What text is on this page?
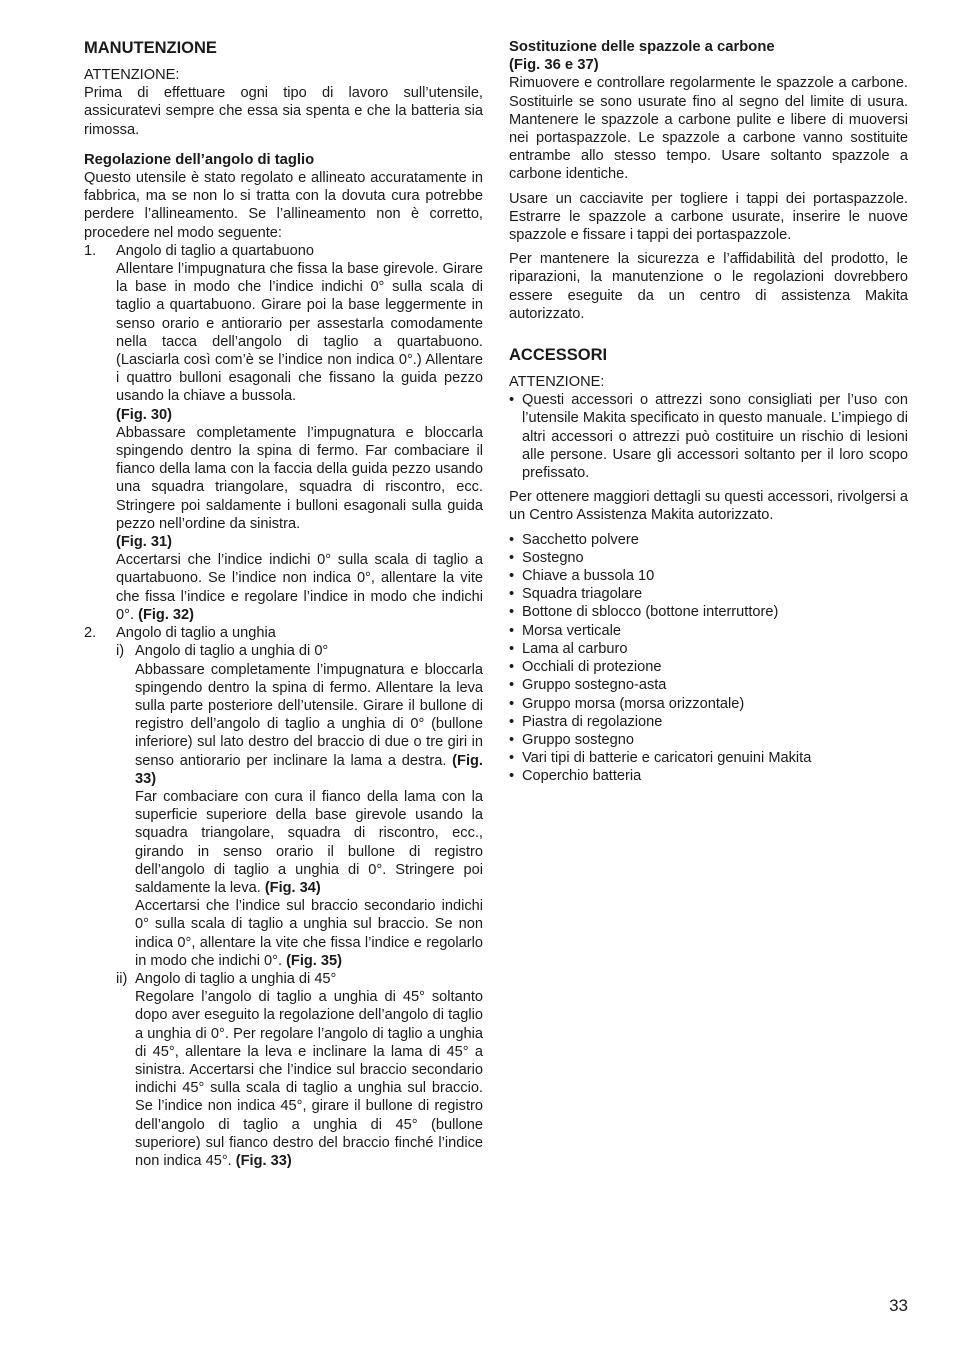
MANUTENZIONE
ATTENZIONE:

Prima di effettuare ogni tipo di lavoro sull’utensile, assicuratevi sempre che essa sia spenta e che la batteria sia rimossa.

Regolazione dell’angolo di taglio

Questo utensile è stato regolato e allineato accuratamente in fabbrica, ma se non lo si tratta con la dovuta cura potrebbe perdere l’allineamento. Se l’allineamento non è corretto, procedere nel modo seguente:

1. Angolo di taglio a quartabuono

Allentare l’impugnatura che fissa la base girevole. Girare la base in modo che l’indice indichi 0° sulla scala di taglio a quartabuono. Girare poi la base leggermente in senso orario e antiorario per assestarla comodamente nella tacca dell’angolo di taglio a quartabuono. (Lasciarla così com’è se l’indice non indica 0°.) Allentare i quattro bulloni esagonali che fissano la guida pezzo usando la chiave a bussola.
(Fig. 30)

Abbassare completamente l’impugnatura e bloccarla spingendo dentro la spina di fermo. Far combaciare il fianco della lama con la faccia della guida pezzo usando una squadra triangolare, squadra di riscontro, ecc. Stringere poi saldamente i bulloni esagonali sulla guida pezzo nell’ordine da sinistra.
(Fig. 31)

Accertarsi che l’indice indichi 0° sulla scala di taglio a quartabuono. Se l’indice non indica 0°, allentare la vite che fissa l’indice e regolare l’indice in modo che indichi 0°. (Fig. 32)

2. Angolo di taglio a unghia
i) Angolo di taglio a unghia di 0°

Abbassare completamente l’impugnatura e bloccarla spingendo dentro la spina di fermo. Allentare la leva sulla parte posteriore dell’utensile. Girare il bullone di registro dell’angolo di taglio a unghia di 0° (bullone inferiore) sul lato destro del braccio di due o tre giri in senso antiorario per inclinare la lama a destra. (Fig. 33)

Far combaciare con cura il fianco della lama con la superficie superiore della base girevole usando la squadra triangolare, squadra di riscontro, ecc., girando in senso orario il bullone di registro dell’angolo di taglio a unghia di 0°. Stringere poi saldamente la leva. (Fig. 34)

Accertarsi che l’indice sul braccio secondario indichi 0° sulla scala di taglio a unghia sul braccio. Se non indica 0°, allentare la vite che fissa l’indice e regolarlo in modo che indichi 0°. (Fig. 35)

ii) Angolo di taglio a unghia di 45°

Regolare l’angolo di taglio a unghia di 45° soltanto dopo aver eseguito la regolazione dell’angolo di taglio a unghia di 0°. Per regolare l’angolo di taglio a unghia di 45°, allentare la leva e inclinare la lama di 45° a sinistra. Accertarsi che l’indice sul braccio secondario indichi 45° sulla scala di taglio a unghia sul braccio. Se l’indice non indica 45°, girare il bullone di registro dell’angolo di taglio a unghia di 45° (bullone superiore) sul fianco destro del braccio finché l’indice non indica 45°. (Fig. 33)

Sostituzione delle spazzole a carbone
(Fig. 36 e 37)

Rimuovere e controllare regolarmente le spazzole a carbone. Sostituirle se sono usurate fino al segno del limite di usura. Mantenere le spazzole a carbone pulite e libere di muoversi nei portaspazzole. Le spazzole a carbone vanno sostituite entrambe allo stesso tempo. Usare soltanto spazzole a carbone identiche.

Usare un cacciavite per togliere i tappi dei portaspazzole. Estrarre le spazzole a carbone usurate, inserire le nuove spazzole e fissare i tappi dei portaspazzole.

Per mantenere la sicurezza e l’affidabilità del prodotto, le riparazioni, la manutenzione o le regolazioni dovrebbero essere eseguite da un centro di assistenza Makita autorizzato.

ACCESSORI
ATTENZIONE:
• Questi accessori o attrezzi sono consigliati per l’uso con l’utensile Makita specificato in questo manuale. L’impiego di altri accessori o attrezzi può costituire un rischio di lesioni alle persone. Usare gli accessori soltanto per il loro scopo prefissato.

Per ottenere maggiori dettagli su questi accessori, rivolgersi a un Centro Assistenza Makita autorizzato.

• Sacchetto polvere
• Sostegno
• Chiave a bussola 10
• Squadra triagolare
• Bottone di sblocco (bottone interruttore)
• Morsa verticale
• Lama al carburo
• Occhiali di protezione
• Gruppo sostegno-asta
• Gruppo morsa (morsa orizzontale)
• Piastra di regolazione
• Gruppo sostegno
• Vari tipi di batterie e caricatori genuini Makita
• Coperchio batteria
33
